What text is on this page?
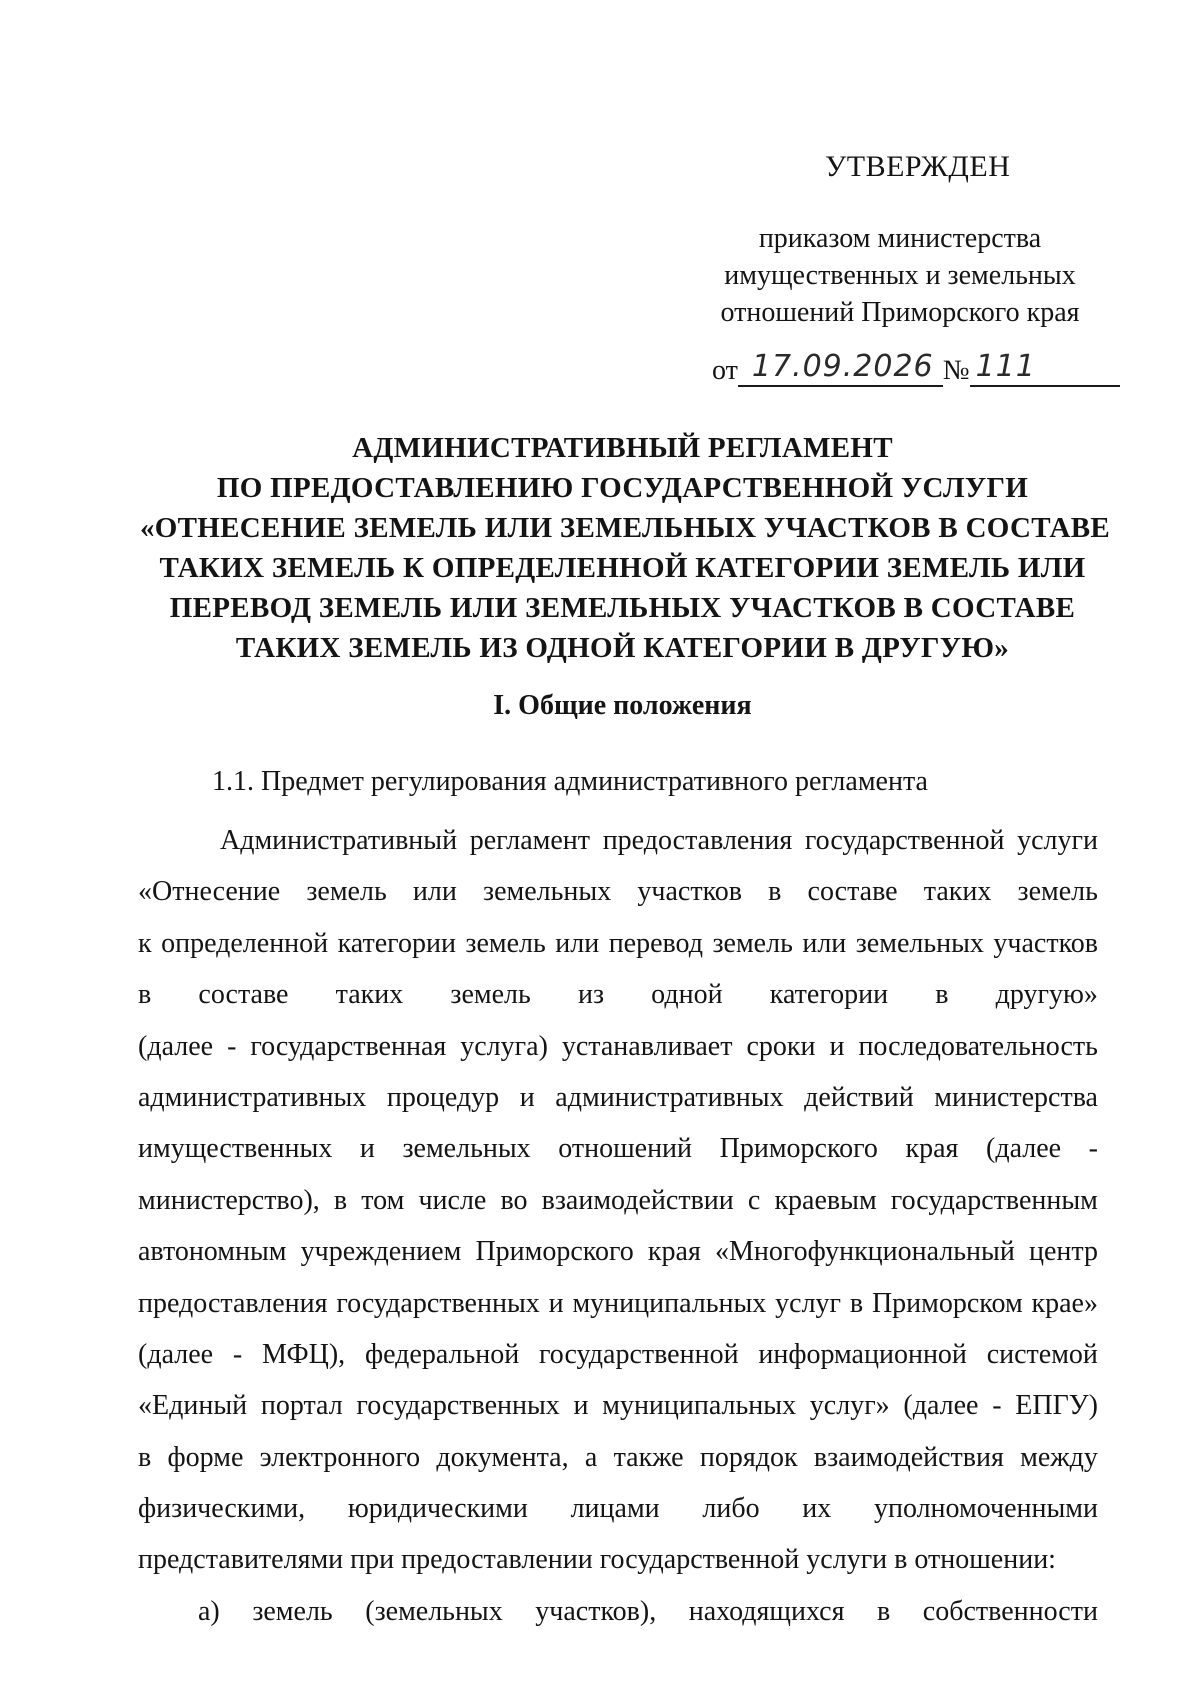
УТВЕРЖДЕН
приказом министерства
имущественных и земельных
отношений Приморского края
от 17.09.2026 № 111
АДМИНИСТРАТИВНЫЙ РЕГЛАМЕНТ
ПО ПРЕДОСТАВЛЕНИЮ ГОСУДАРСТВЕННОЙ УСЛУГИ
«ОТНЕСЕНИЕ ЗЕМЕЛЬ ИЛИ ЗЕМЕЛЬНЫХ УЧАСТКОВ В СОСТАВЕ
ТАКИХ ЗЕМЕЛЬ К ОПРЕДЕЛЕННОЙ КАТЕГОРИИ ЗЕМЕЛЬ ИЛИ
ПЕРЕВОД ЗЕМЕЛЬ ИЛИ ЗЕМЕЛЬНЫХ УЧАСТКОВ В СОСТАВЕ
ТАКИХ ЗЕМЕЛЬ ИЗ ОДНОЙ КАТЕГОРИИ В ДРУГУЮ»
I. Общие положения
1.1. Предмет регулирования административного регламента
Административный регламент предоставления государственной услуги
«Отнесение земель или земельных участков в составе таких земель
к определенной категории земель или перевод земель или земельных участков
в составе таких земель из одной категории в другую»
(далее - государственная услуга) устанавливает сроки и последовательность
административных процедур и административных действий министерства
имущественных и земельных отношений Приморского края (далее -
министерство), в том числе во взаимодействии с краевым государственным
автономным учреждением Приморского края «Многофункциональный центр
предоставления государственных и муниципальных услуг в Приморском крае»
(далее - МФЦ), федеральной государственной информационной системой
«Единый портал государственных и муниципальных услуг» (далее - ЕПГУ)
в форме электронного документа, а также порядок взаимодействия между
физическими, юридическими лицами либо их уполномоченными
представителями при предоставлении государственной услуги в отношении:
а) земель (земельных участков), находящихся в собственности
